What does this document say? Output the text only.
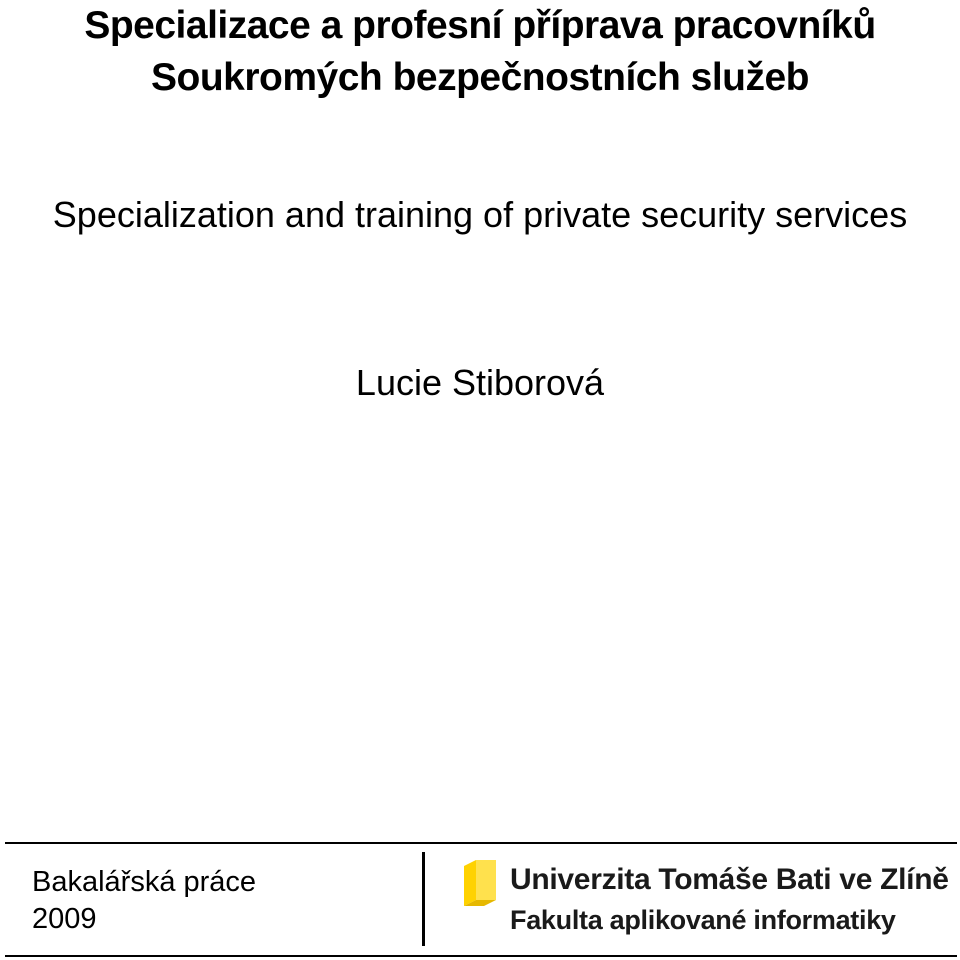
Specializace a profesní příprava pracovníků
Soukromých bezpečnostních služeb
Specialization and training of private security services
Lucie Stiborová
Bakalářská práce
2009
Univerzita Tomáše Bati ve Zlíně
Fakulta aplikované informatiky
